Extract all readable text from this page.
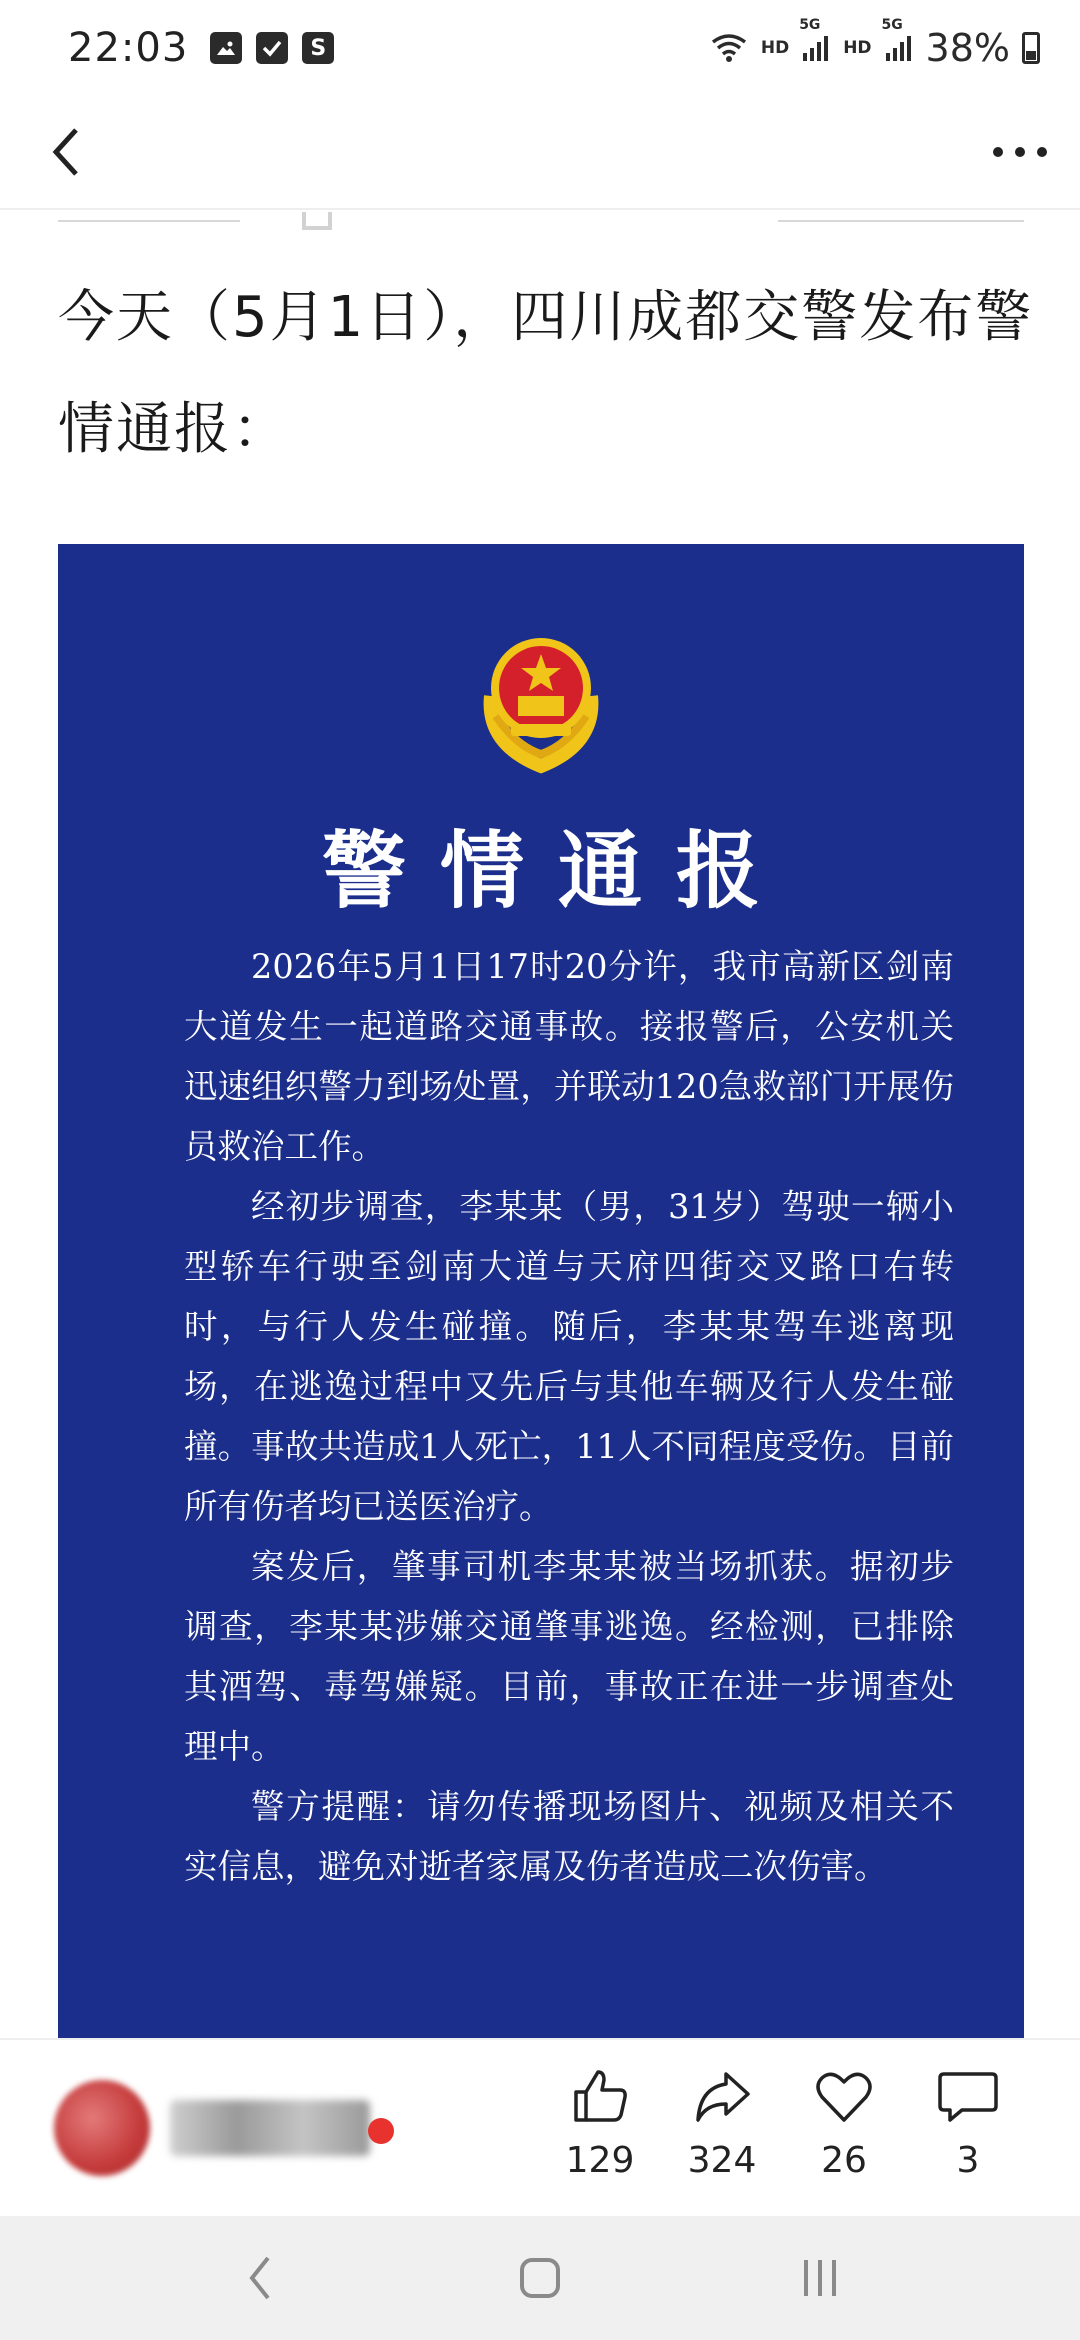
22:03	S	HD
5G
HD
5G
38%
今天（5月1日），四川成都交警发布警情通报：
警情通报

2026年5月1日17时20分许，我市高新区剑南大道发生一起道路交通事故。接报警后，公安机关迅速组织警力到场处置，并联动120急救部门开展伤员救治工作。

经初步调查，李某某（男，31岁）驾驶一辆小型轿车行驶至剑南大道与天府四街交叉路口右转时，与行人发生碰撞。随后，李某某驾车逃离现场，在逃逸过程中又先后与其他车辆及行人发生碰撞。事故共造成1人死亡，11人不同程度受伤。目前所有伤者均已送医治疗。

案发后，肇事司机李某某被当场抓获。据初步调查，李某某涉嫌交通肇事逃逸。经检测，已排除其酒驾、毒驾嫌疑。目前，事故正在进一步调查处理中。

警方提醒：请勿传播现场图片、视频及相关不实信息，避免对逝者家属及伤者造成二次伤害。

129	324	26	3
